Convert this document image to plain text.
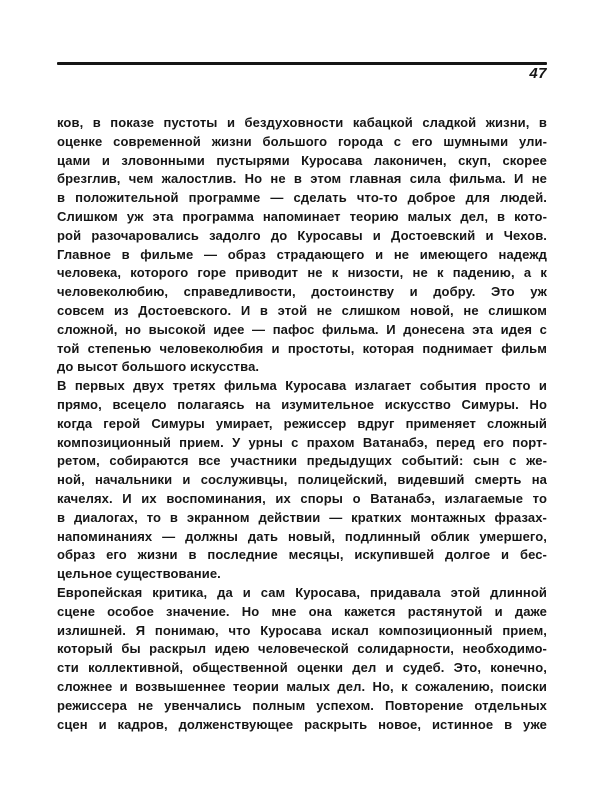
47
ков, в показе пустоты и бездуховности кабацкой сладкой жизни, в
оценке современной жизни большого города с его шумными ули-
цами и зловонными пустырями Куросава лаконичен, скуп, скорее
брезглив, чем жалостлив. Но не в этом главная сила фильма. И не
в положительной программе — сделать что-то доброе для людей.
Слишком уж эта программа напоминает теорию малых дел, в кото-
рой разочаровались задолго до Куросавы и Достоевский и Чехов.
Главное в фильме — образ страдающего и не имеющего надежд
человека, которого горе приводит не к низости, не к падению, а к
человеколюбию, справедливости, достоинству и добру. Это уж
совсем из Достоевского. И в этой не слишком новой, не слишком
сложной, но высокой идее — пафос фильма. И донесена эта идея с
той степенью человеколюбия и простоты, которая поднимает фильм
до высот большого искусства.
В первых двух третях фильма Куросава излагает события просто и
прямо, всецело полагаясь на изумительное искусство Симуры. Но
когда герой Симуры умирает, режиссер вдруг применяет сложный
композиционный прием. У урны с прахом Ватанабэ, перед его порт-
ретом, собираются все участники предыдущих событий: сын с же-
ной, начальники и сослуживцы, полицейский, видевший смерть на
качелях. И их воспоминания, их споры о Ватанабэ, излагаемые то
в диалогах, то в экранном действии — кратких монтажных фразах-
напоминаниях — должны дать новый, подлинный облик умершего,
образ его жизни в последние месяцы, искупившей долгое и бес-
цельное существование.
Европейская критика, да и сам Куросава, придавала этой длинной
сцене особое значение. Но мне она кажется растянутой и даже
излишней. Я понимаю, что Куросава искал композиционный прием,
который бы раскрыл идею человеческой солидарности, необходимо-
сти коллективной, общественной оценки дел и судеб. Это, конечно,
сложнее и возвышеннее теории малых дел. Но, к сожалению, поиски
режиссера не увенчались полным успехом. Повторение отдельных
сцен и кадров, долженствующее раскрыть новое, истинное в уже
